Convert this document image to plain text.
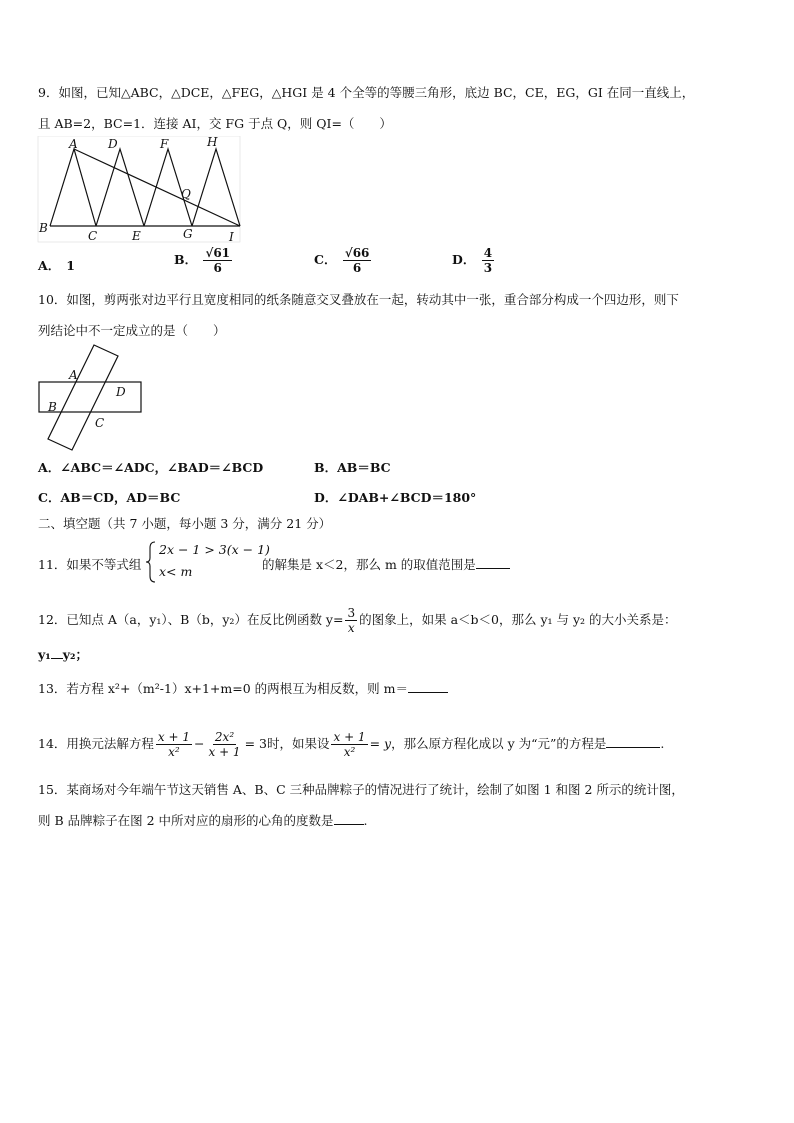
9．如图，已知△ABC，△DCE，△FEG，△HGI 是 4 个全等的等腰三角形，底边 BC，CE，EG，GI 在同一直线上，
且 AB=2，BC=1．连接 AI，交 FG 于点 Q，则 QI=（　　）
A	D	F	H
Q
B
C	E	G	I
A． 1	B． $\frac{√61}{6}$	C． $\frac{√66}{6}$	D． $\frac{4}{3}$
10．如图，剪两张对边平行且宽度相同的纸条随意交叉叠放在一起，转动其中一张，重合部分构成一个四边形，则下
列结论中不一定成立的是（　　）
A
D
B
C
A．∠ABC＝∠ADC，∠BAD＝∠BCD	B．AB＝BC
C．AB＝CD，AD＝BC	D．∠DAB+∠BCD＝180°
二、填空题（共 7 小题，每小题 3 分，满分 21 分）
11．如果不等式组
2x − 1 > 3(x − 1)
x< m	的解集是 x＜2，那么 m 的取值范围是
12．已知点 A（a，y₁）、B（b，y₂）在反比例函数 $y= \frac{3}{x}$ 的图象上，如果 a＜b＜0，那么 y₁ 与 y₂ 的大小关系是：
y₁ y₂；
13．若方程 x²+（m²-1）x+1+m=0 的两根互为相反数，则 m＝
14．用换元法解方程 $\frac{x + 1}{\text{x²}} - \frac{\text{2x²}}{x + 1} = 3$时，如果设 $\frac{x + 1}{\text{x²}} = y$，那么原方程化成以 y 为“元”的方程是	.
15．某商场对今年端午节这天销售 A、B、C 三种品牌粽子的情况进行了统计，绘制了如图 1 和图 2 所示的统计图，
则 B 品牌粽子在图 2 中所对应的扇形的心角的度数是 .
